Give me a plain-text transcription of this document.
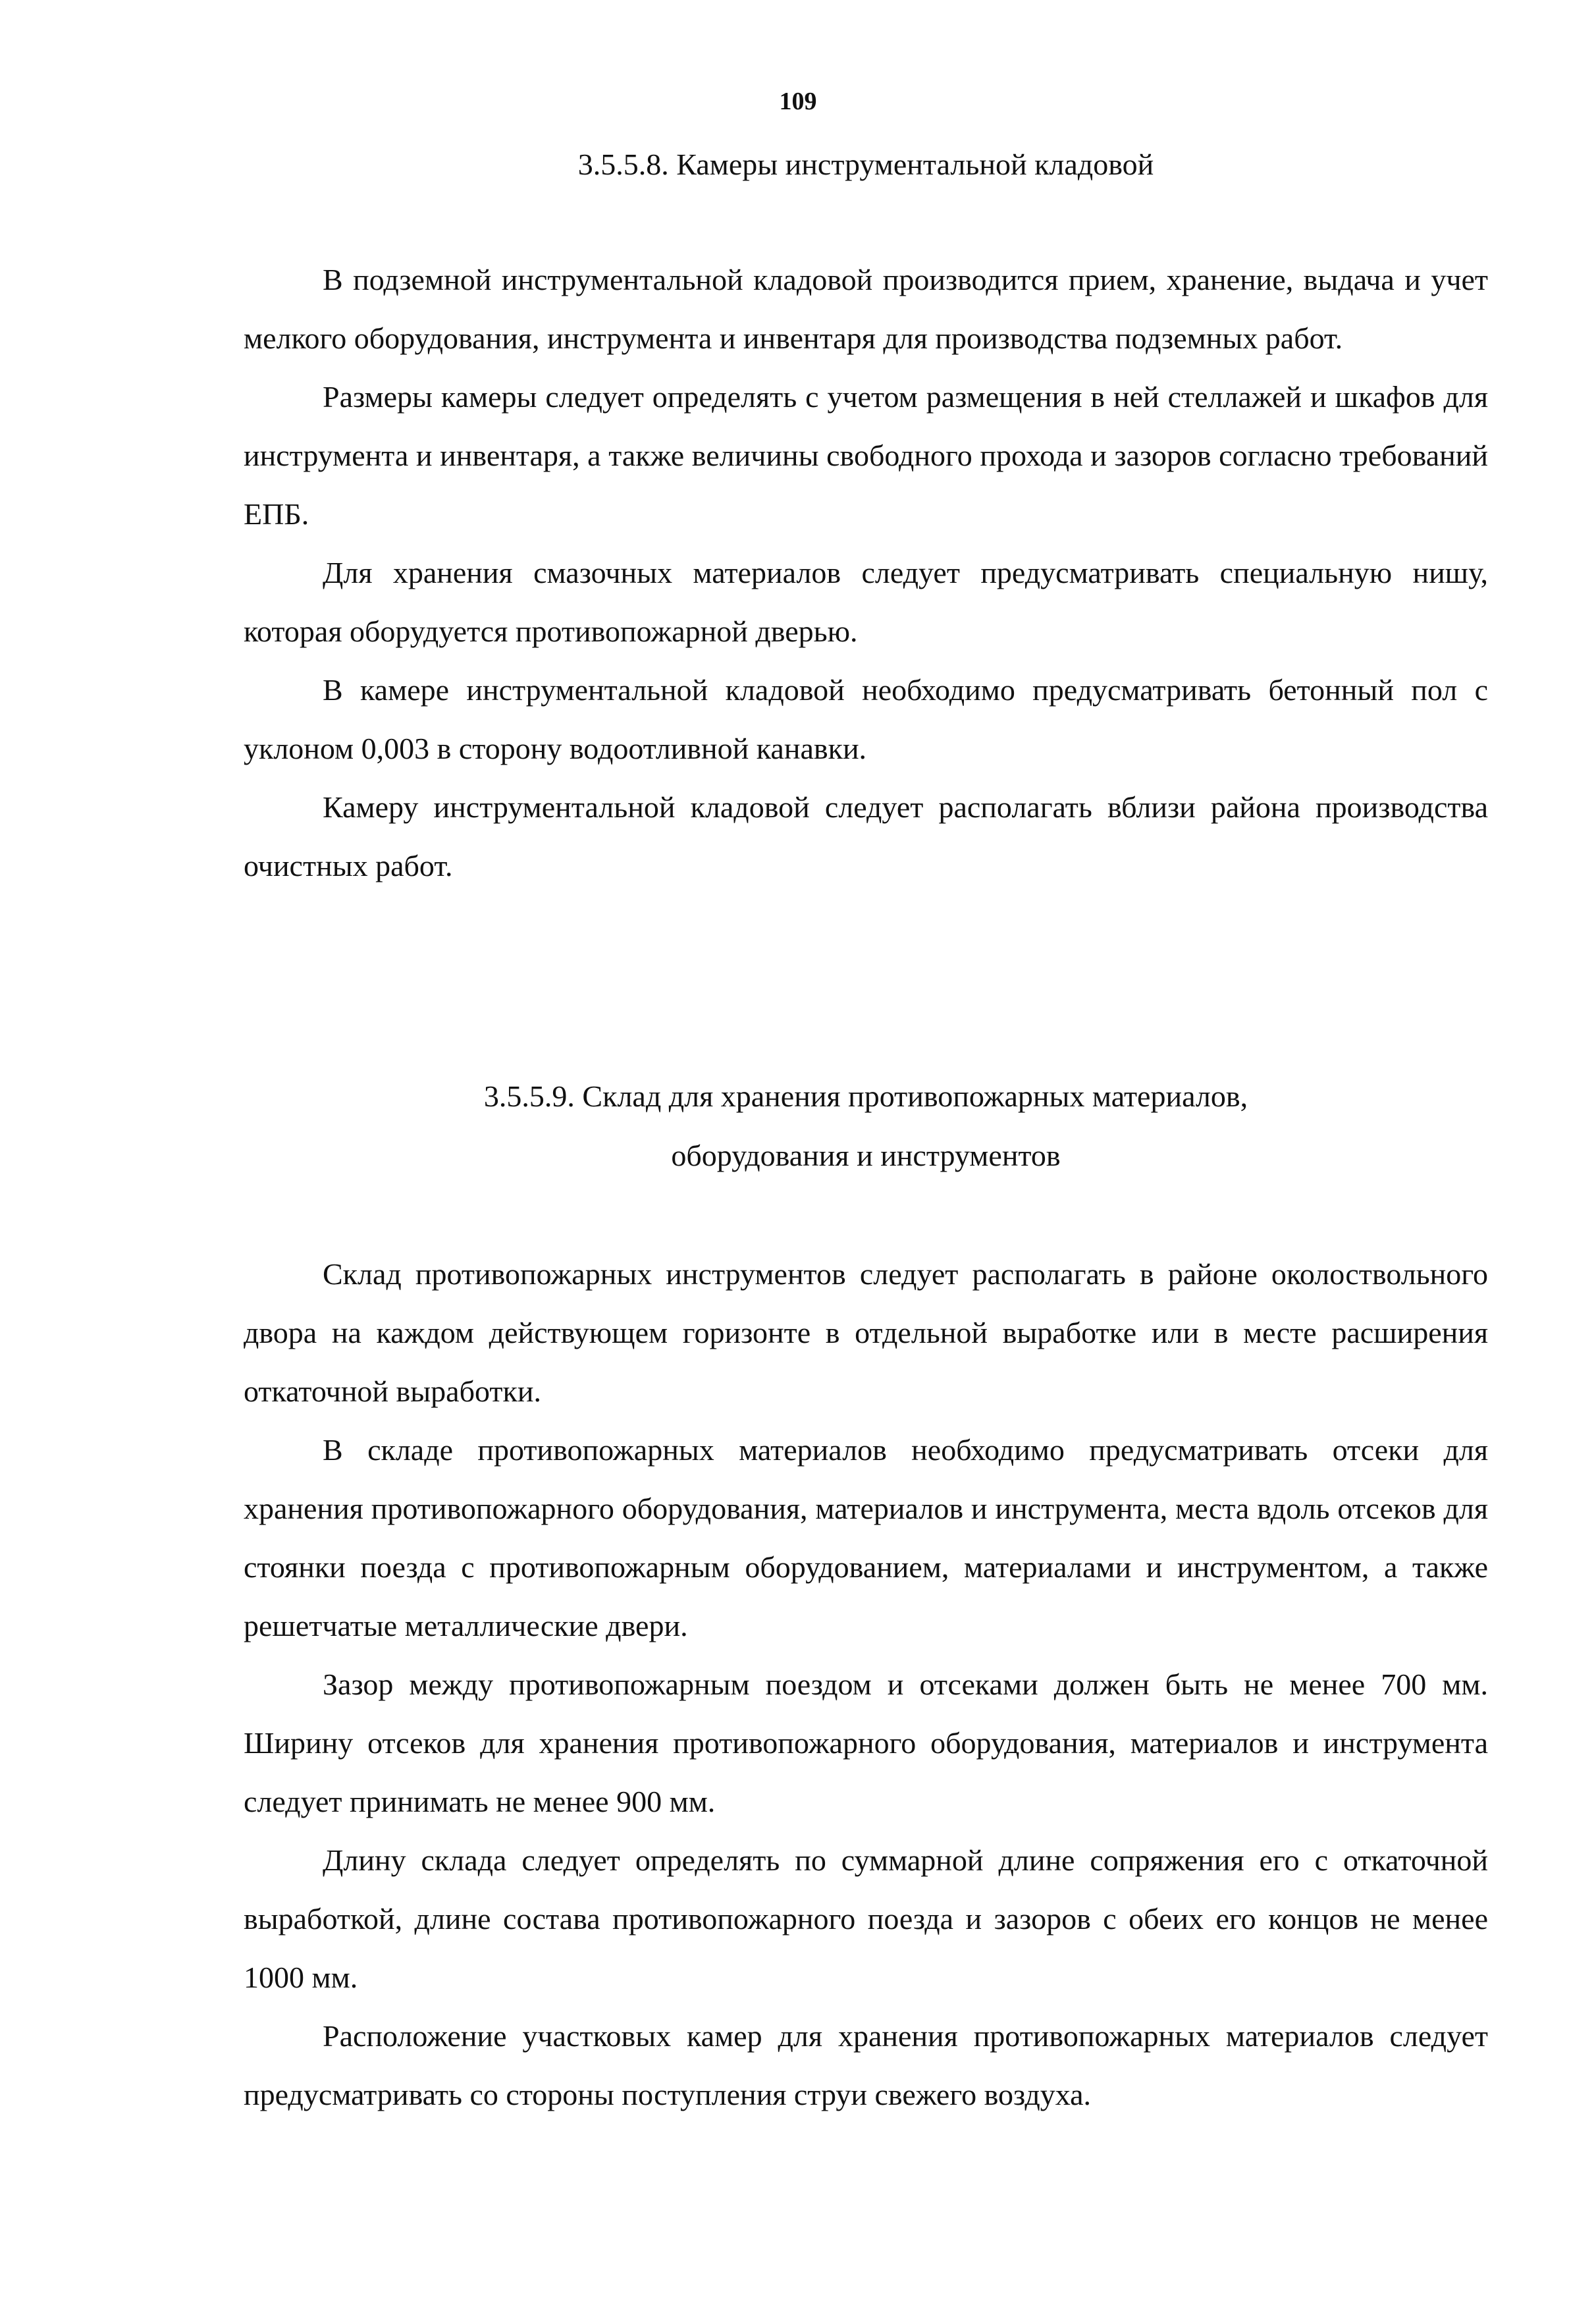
109
3.5.5.8. Камеры инструментальной кладовой

В подземной инструментальной кладовой производится прием, хранение, выдача и учет мелкого оборудования, инструмента и инвентаря для производства подземных работ.

Размеры камеры следует определять с учетом размещения в ней стеллажей и шкафов для инструмента и инвентаря, а также величины свободного прохода и зазоров согласно требований ЕПБ.

Для хранения смазочных материалов следует предусматривать специальную нишу, которая оборудуется противопожарной дверью.

В камере инструментальной кладовой необходимо предусматривать бетонный пол с уклоном 0,003 в сторону водоотливной канавки.

Камеру инструментальной кладовой следует располагать вблизи района производства очистных работ.

3.5.5.9. Склад для хранения противопожарных материалов,
оборудования и инструментов

Склад противопожарных инструментов следует располагать в районе околоствольного двора на каждом действующем горизонте в отдельной выработке или в месте расширения откаточной выработки.

В складе противопожарных материалов необходимо предусматривать отсеки для хранения противопожарного оборудования, материалов и инструмента, места вдоль отсеков для стоянки поезда с противопожарным оборудованием, материалами и инструментом, а также решетчатые металлические двери.

Зазор между противопожарным поездом и отсеками должен быть не менее 700 мм. Ширину отсеков для хранения противопожарного оборудования, материалов и инструмента следует принимать не менее 900 мм.

Длину склада следует определять по суммарной длине сопряжения его с откаточной выработкой, длине состава противопожарного поезда и зазоров с обеих его концов не менее 1000 мм.

Расположение участковых камер для хранения противопожарных материалов следует предусматривать со стороны поступления струи свежего воздуха.
